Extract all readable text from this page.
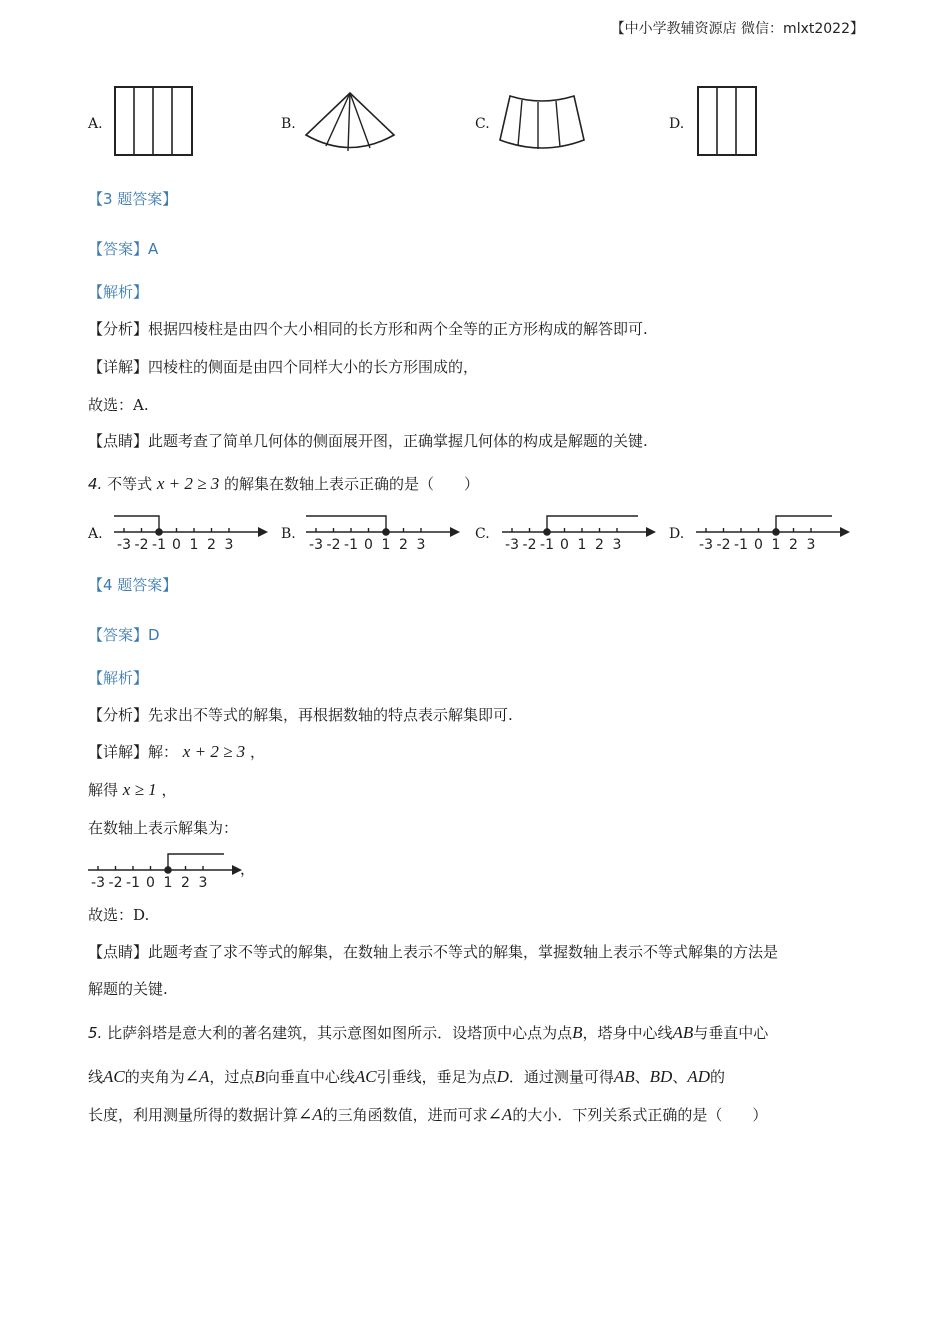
【中小学教辅资源店 微信：mlxt2022】
A.	B.	C.	D.
【3 题答案】
【答案】A
【解析】
【分析】根据四棱柱是由四个大小相同的长方形和两个全等的正方形构成的解答即可.
【详解】四棱柱的侧面是由四个同样大小的长方形围成的，
故选：A.
【点睛】此题考查了简单几何体的侧面展开图，正确掌握几何体的构成是解题的关键.
4. 不等式 x + 2 ≥ 3 的解集在数轴上表示正确的是（　　）
A.	B.	C.	D.
-3 -2 -1 0 1 2 3	-3 -2 -1 0 1 2 3	-3 -2 -1 0 1 2 3	-3 -2 -1 0 1 2 3
【4 题答案】
【答案】D
【解析】
【分析】先求出不等式的解集，再根据数轴的特点表示解集即可.
【详解】解： x + 2 ≥ 3 ，
解得 x ≥ 1 ，
在数轴上表示解集为：
-3 -2 -1 0 1 2 3
，
故选：D.
【点睛】此题考查了求不等式的解集，在数轴上表示不等式的解集，掌握数轴上表示不等式解集的方法是
解题的关键.
5. 比萨斜塔是意大利的著名建筑，其示意图如图所示．设塔顶中心点为点B，塔身中心线AB与垂直中心
线AC的夹角为∠A，过点B向垂直中心线AC引垂线，垂足为点D．通过测量可得AB、BD、AD的
长度，利用测量所得的数据计算∠A的三角函数值，进而可求∠A的大小．下列关系式正确的是（　　）
